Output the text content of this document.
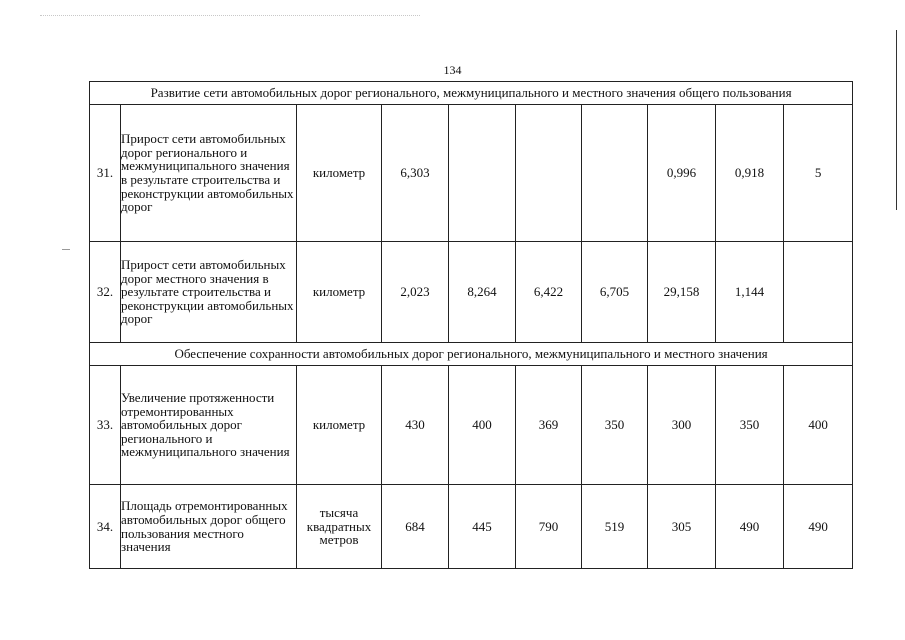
134
Развитие сети автомобильных дорог регионального, межмуниципального и местного значения общего пользования									
31.	Прирост сети автомобильных дорог регионального и межмуниципального значения в результате строительства и реконструкции автомобильных дорог	километр	6,303				0,996	0,918	5
32.	Прирост сети автомобильных дорог местного значения в результате строительства и реконструкции автомобильных дорог	километр	2,023	8,264	6,422	6,705	29,158	1,144	
Обеспечение сохранности автомобильных дорог регионального, межмуниципального и местного значения									
33.	Увеличение протяженности отремонтированных автомобильных дорог регионального и межмуниципального значения	километр	430	400	369	350	300	350	400
34.	Площадь отремонтированных автомобильных дорог общего пользования местного значения	тысяча квадратных метров	684	445	790	519	305	490	490
